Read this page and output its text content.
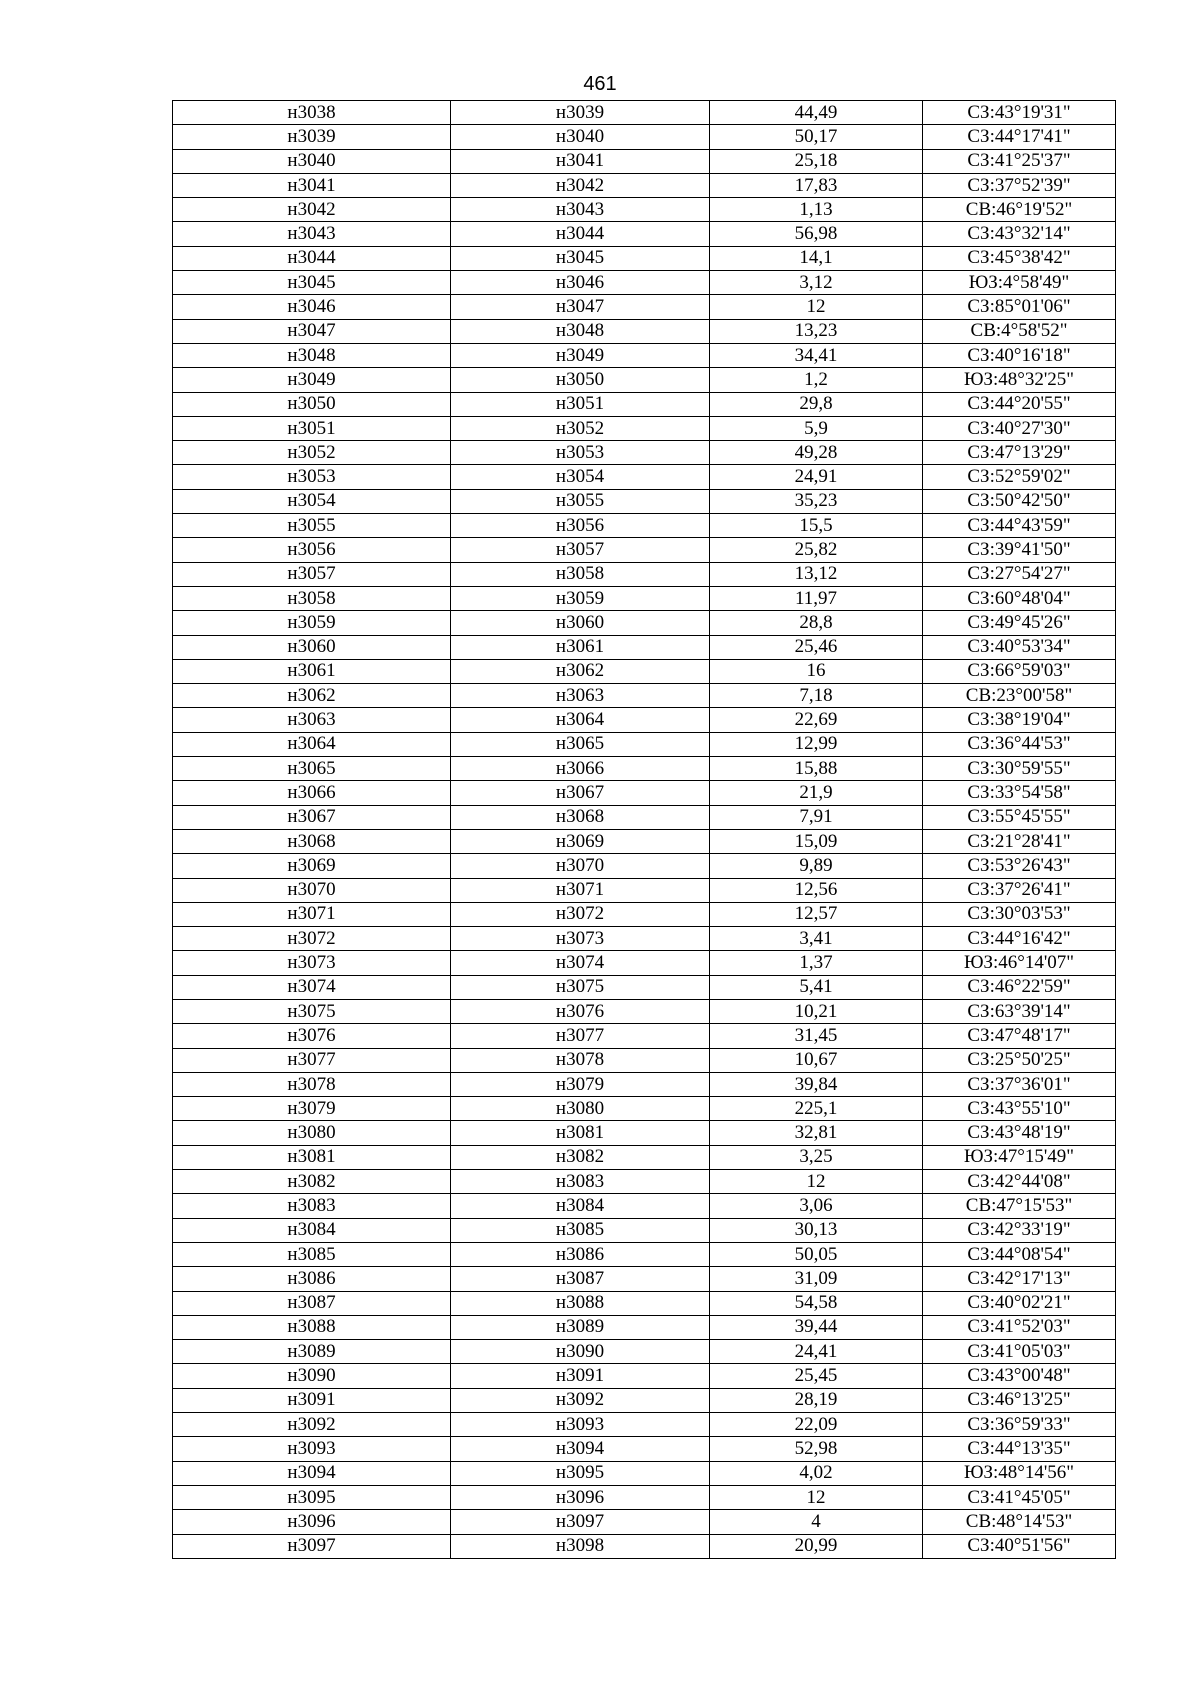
461
н3038	н3039	44,49	СЗ:43°19'31"
н3039	н3040	50,17	СЗ:44°17'41"
н3040	н3041	25,18	СЗ:41°25'37"
н3041	н3042	17,83	СЗ:37°52'39"
н3042	н3043	1,13	СВ:46°19'52"
н3043	н3044	56,98	СЗ:43°32'14"
н3044	н3045	14,1	СЗ:45°38'42"
н3045	н3046	3,12	ЮЗ:4°58'49"
н3046	н3047	12	СЗ:85°01'06"
н3047	н3048	13,23	СВ:4°58'52"
н3048	н3049	34,41	СЗ:40°16'18"
н3049	н3050	1,2	ЮЗ:48°32'25"
н3050	н3051	29,8	СЗ:44°20'55"
н3051	н3052	5,9	СЗ:40°27'30"
н3052	н3053	49,28	СЗ:47°13'29"
н3053	н3054	24,91	СЗ:52°59'02"
н3054	н3055	35,23	СЗ:50°42'50"
н3055	н3056	15,5	СЗ:44°43'59"
н3056	н3057	25,82	СЗ:39°41'50"
н3057	н3058	13,12	СЗ:27°54'27"
н3058	н3059	11,97	СЗ:60°48'04"
н3059	н3060	28,8	СЗ:49°45'26"
н3060	н3061	25,46	СЗ:40°53'34"
н3061	н3062	16	СЗ:66°59'03"
н3062	н3063	7,18	СВ:23°00'58"
н3063	н3064	22,69	СЗ:38°19'04"
н3064	н3065	12,99	СЗ:36°44'53"
н3065	н3066	15,88	СЗ:30°59'55"
н3066	н3067	21,9	СЗ:33°54'58"
н3067	н3068	7,91	СЗ:55°45'55"
н3068	н3069	15,09	СЗ:21°28'41"
н3069	н3070	9,89	СЗ:53°26'43"
н3070	н3071	12,56	СЗ:37°26'41"
н3071	н3072	12,57	СЗ:30°03'53"
н3072	н3073	3,41	СЗ:44°16'42"
н3073	н3074	1,37	ЮЗ:46°14'07"
н3074	н3075	5,41	СЗ:46°22'59"
н3075	н3076	10,21	СЗ:63°39'14"
н3076	н3077	31,45	СЗ:47°48'17"
н3077	н3078	10,67	СЗ:25°50'25"
н3078	н3079	39,84	СЗ:37°36'01"
н3079	н3080	225,1	СЗ:43°55'10"
н3080	н3081	32,81	СЗ:43°48'19"
н3081	н3082	3,25	ЮЗ:47°15'49"
н3082	н3083	12	СЗ:42°44'08"
н3083	н3084	3,06	СВ:47°15'53"
н3084	н3085	30,13	СЗ:42°33'19"
н3085	н3086	50,05	СЗ:44°08'54"
н3086	н3087	31,09	СЗ:42°17'13"
н3087	н3088	54,58	СЗ:40°02'21"
н3088	н3089	39,44	СЗ:41°52'03"
н3089	н3090	24,41	СЗ:41°05'03"
н3090	н3091	25,45	СЗ:43°00'48"
н3091	н3092	28,19	СЗ:46°13'25"
н3092	н3093	22,09	СЗ:36°59'33"
н3093	н3094	52,98	СЗ:44°13'35"
н3094	н3095	4,02	ЮЗ:48°14'56"
н3095	н3096	12	СЗ:41°45'05"
н3096	н3097	4	СВ:48°14'53"
н3097	н3098	20,99	СЗ:40°51'56"
